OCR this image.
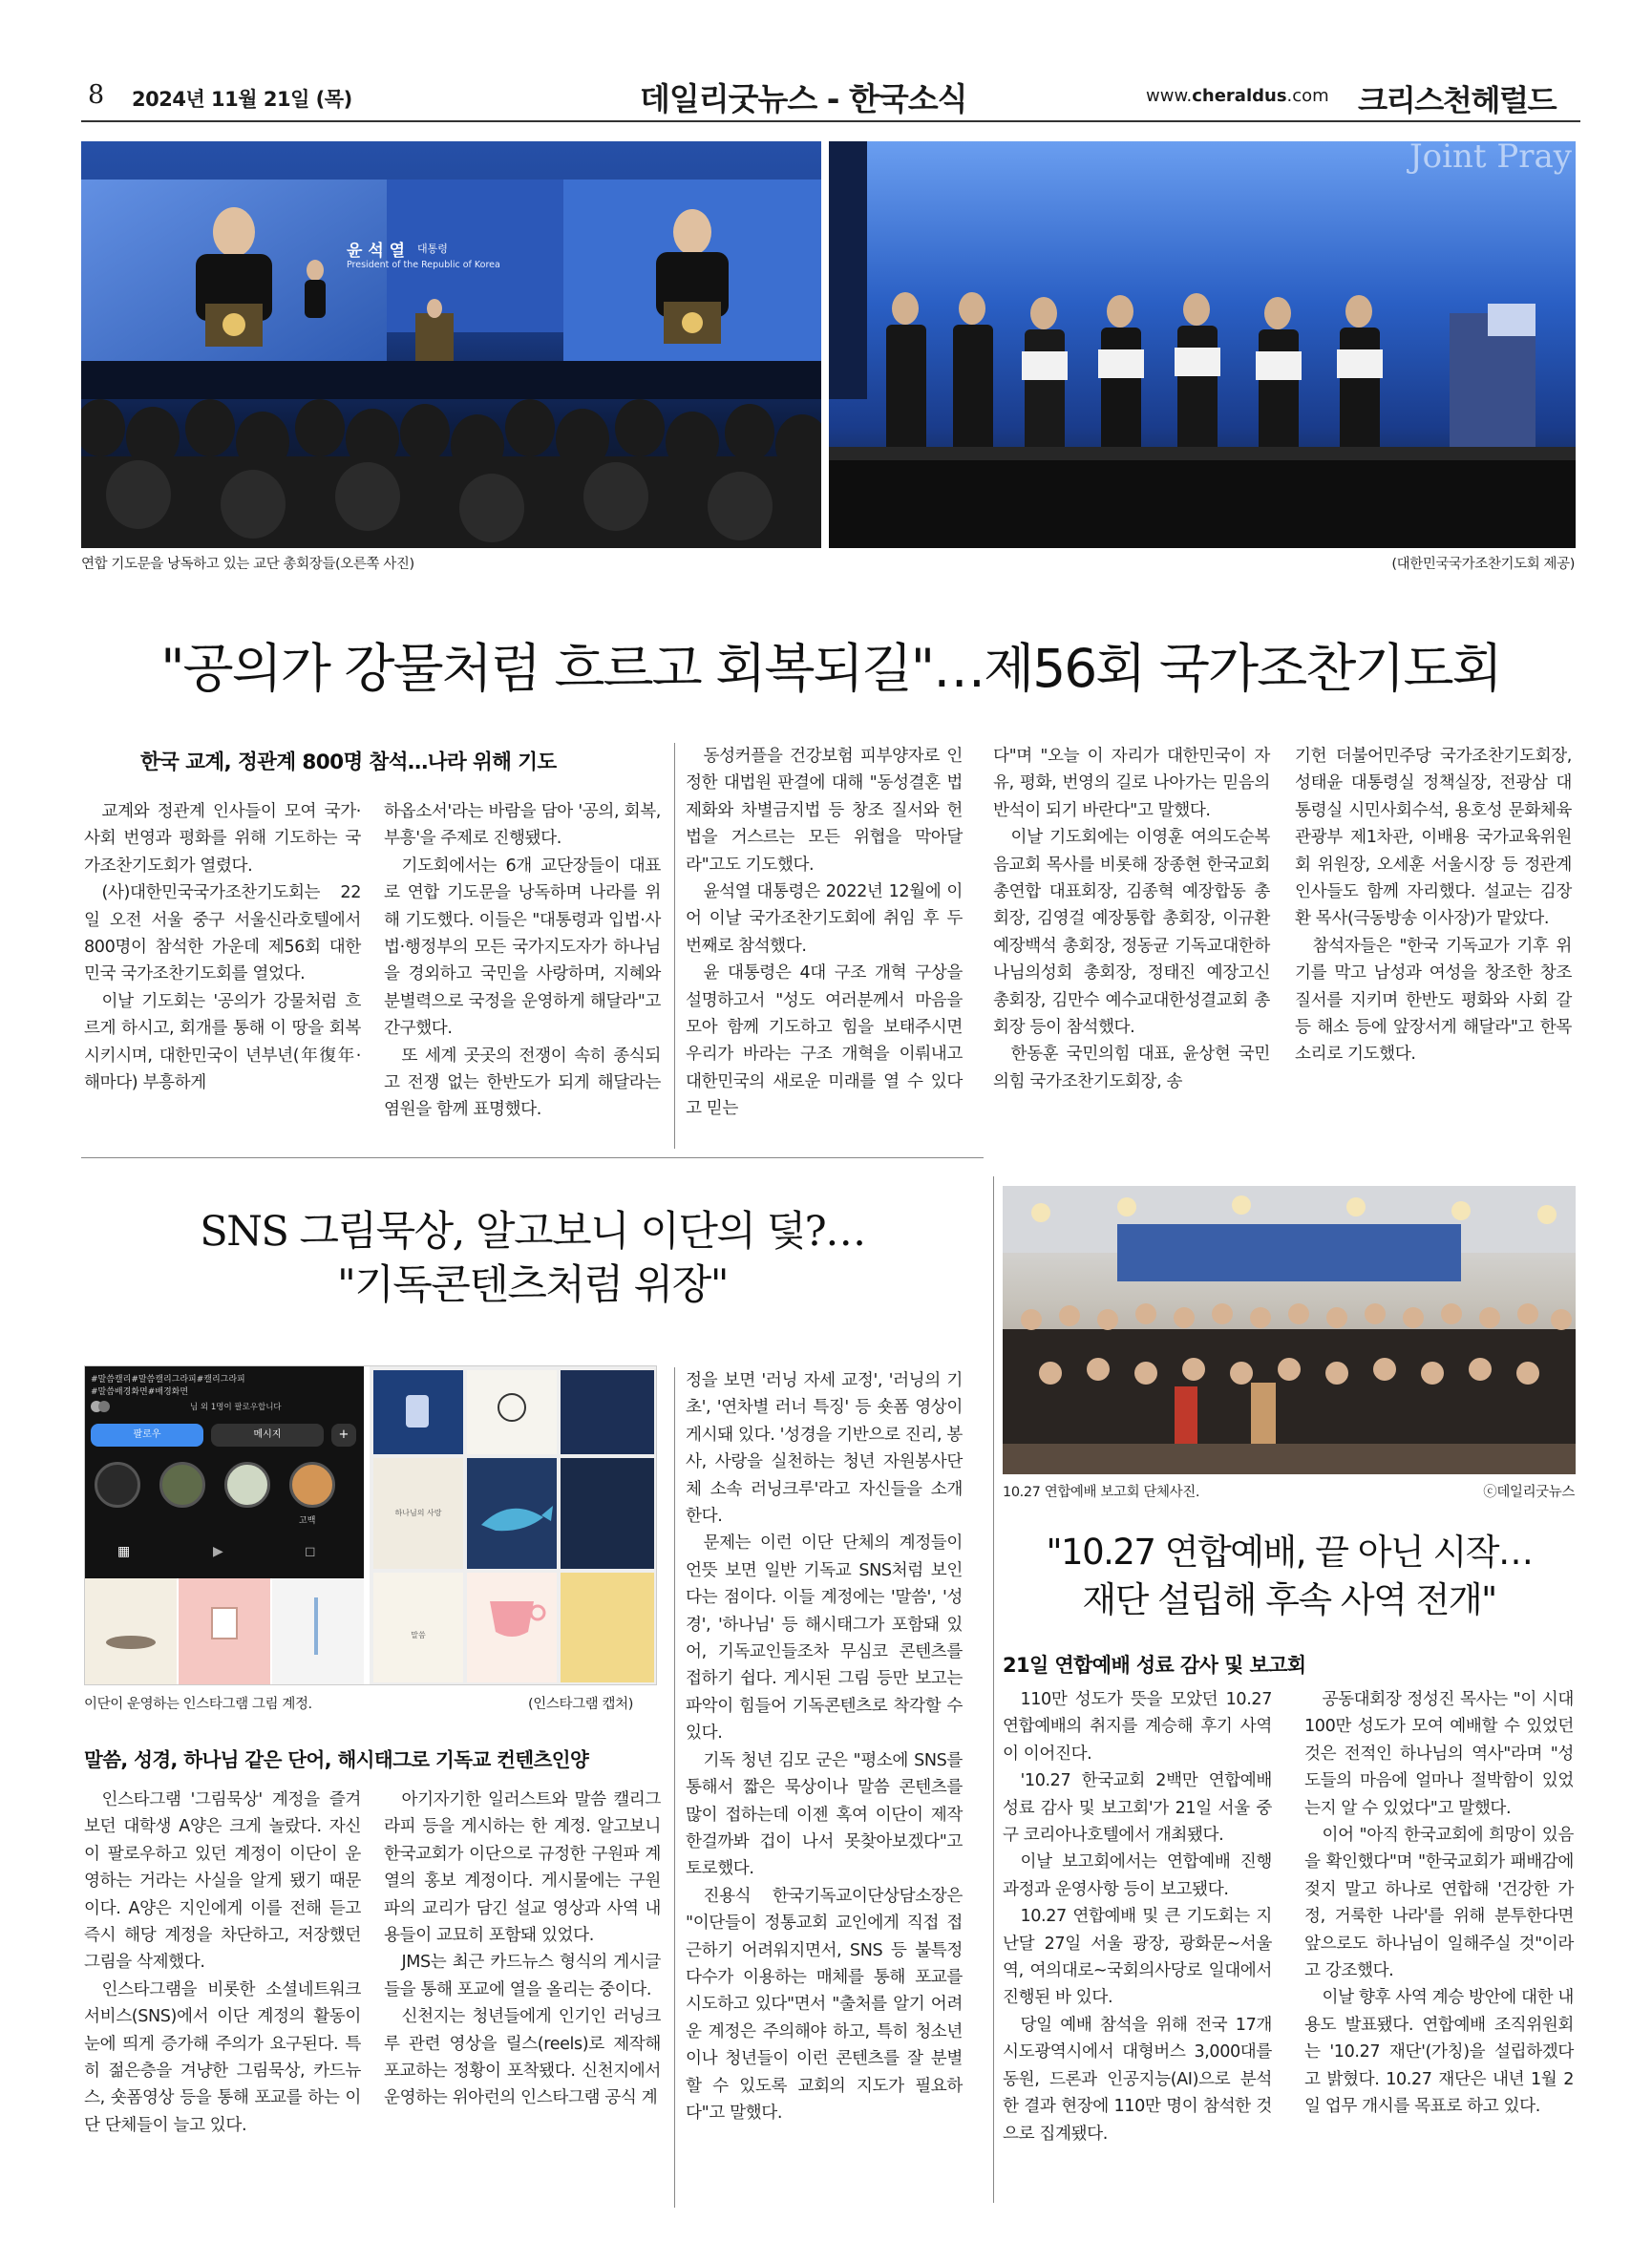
8 2024년 11월 21일 (목)	데일리굿뉴스 - 한국소식	www.cheraldus.com 크리스천헤럴드
윤 석 열 대통령
President of the Republic of Korea
Joint Pray
연합 기도문을 낭독하고 있는 교단 총회장들(오른쪽 사진)	(대한민국국가조찬기도회 제공)
"공의가 강물처럼 흐르고 회복되길"…제56회 국가조찬기도회
한국 교계, 정관계 800명 참석…나라 위해 기도

교계와 정관계 인사들이 모여 국가·사회 번영과 평화를 위해 기도하는 국가조찬기도회가 열렸다.

(사)대한민국국가조찬기도회는 22일 오전 서울 중구 서울신라호텔에서 800명이 참석한 가운데 제56회 대한민국 국가조찬기도회를 열었다.

이날 기도회는 '공의가 강물처럼 흐르게 하시고, 회개를 통해 이 땅을 회복시키시며, 대한민국이 년부년(年復年·해마다) 부흥하게

하옵소서'라는 바람을 담아 '공의, 회복, 부흥'을 주제로 진행됐다.

기도회에서는 6개 교단장들이 대표로 연합 기도문을 낭독하며 나라를 위해 기도했다. 이들은 "대통령과 입법·사법·행정부의 모든 국가지도자가 하나님을 경외하고 국민을 사랑하며, 지혜와 분별력으로 국정을 운영하게 해달라"고 간구했다.

또 세계 곳곳의 전쟁이 속히 종식되고 전쟁 없는 한반도가 되게 해달라는 염원을 함께 표명했다.

동성커플을 건강보험 피부양자로 인정한 대법원 판결에 대해 "동성결혼 법제화와 차별금지법 등 창조 질서와 헌법을 거스르는 모든 위협을 막아달라"고도 기도했다.

윤석열 대통령은 2022년 12월에 이어 이날 국가조찬기도회에 취임 후 두 번째로 참석했다.

윤 대통령은 4대 구조 개혁 구상을 설명하고서 "성도 여러분께서 마음을 모아 함께 기도하고 힘을 보태주시면 우리가 바라는 구조 개혁을 이뤄내고 대한민국의 새로운 미래를 열 수 있다고 믿는

다"며 "오늘 이 자리가 대한민국이 자유, 평화, 번영의 길로 나아가는 믿음의 반석이 되기 바란다"고 말했다.

이날 기도회에는 이영훈 여의도순복음교회 목사를 비롯해 장종현 한국교회총연합 대표회장, 김종혁 예장합동 총회장, 김영걸 예장통합 총회장, 이규환 예장백석 총회장, 정동균 기독교대한하나님의성회 총회장, 정태진 예장고신 총회장, 김만수 예수교대한성결교회 총회장 등이 참석했다.

한동훈 국민의힘 대표, 윤상현 국민의힘 국가조찬기도회장, 송

기헌 더불어민주당 국가조찬기도회장, 성태윤 대통령실 정책실장, 전광삼 대통령실 시민사회수석, 용호성 문화체육관광부 제1차관, 이배용 국가교육위원회 위원장, 오세훈 서울시장 등 정관계 인사들도 함께 자리했다. 설교는 김장환 목사(극동방송 이사장)가 맡았다.

참석자들은 "한국 기독교가 기후 위기를 막고 남성과 여성을 창조한 창조 질서를 지키며 한반도 평화와 사회 갈등 해소 등에 앞장서게 해달라"고 한목소리로 기도했다.

SNS 그림묵상, 알고보니 이단의 덫?…
"기독콘텐츠처럼 위장"
#말씀캘리#말씀캘리그라피#캘리그라피
#말씀배경화면#배경화면
님 외 1명이 팔로우합니다
팔로우	메시지	+
고백
▦	▶	◻
하나님의 사랑
말씀
이단이 운영하는 인스타그램 그림 계정.	(인스타그램 캡처)
말씀, 성경, 하나님 같은 단어, 해시태그로 기독교 컨텐츠인양

인스타그램 '그림묵상' 계정을 즐겨보던 대학생 A양은 크게 놀랐다. 자신이 팔로우하고 있던 계정이 이단이 운영하는 거라는 사실을 알게 됐기 때문이다. A양은 지인에게 이를 전해 듣고 즉시 해당 계정을 차단하고, 저장했던 그림을 삭제했다.

인스타그램을 비롯한 소셜네트워크서비스(SNS)에서 이단 계정의 활동이 눈에 띄게 증가해 주의가 요구된다. 특히 젊은층을 겨냥한 그림묵상, 카드뉴스, 숏폼영상 등을 통해 포교를 하는 이단 단체들이 늘고 있다.

아기자기한 일러스트와 말씀 캘리그라피 등을 게시하는 한 계정. 알고보니 한국교회가 이단으로 규정한 구원파 계열의 홍보 계정이다. 게시물에는 구원파의 교리가 담긴 설교 영상과 사역 내용들이 교묘히 포함돼 있었다.

JMS는 최근 카드뉴스 형식의 게시글들을 통해 포교에 열을 올리는 중이다.

신천지는 청년들에게 인기인 러닝크루 관련 영상을 릴스(reels)로 제작해 포교하는 정황이 포착됐다. 신천지에서 운영하는 위아런의 인스타그램 공식 계

정을 보면 '러닝 자세 교정', '러닝의 기초', '연차별 러너 특징' 등 숏폼 영상이 게시돼 있다. '성경을 기반으로 진리, 봉사, 사랑을 실천하는 청년 자원봉사단체 소속 러닝크루'라고 자신들을 소개한다.

문제는 이런 이단 단체의 계정들이 언뜻 보면 일반 기독교 SNS처럼 보인다는 점이다. 이들 계정에는 '말씀', '성경', '하나님' 등 해시태그가 포함돼 있어, 기독교인들조차 무심코 콘텐츠를 접하기 쉽다. 게시된 그림 등만 보고는 파악이 힘들어 기독콘텐츠로 착각할 수 있다.

기독 청년 김모 군은 "평소에 SNS를 통해서 짧은 묵상이나 말씀 콘텐츠를 많이 접하는데 이젠 혹여 이단이 제작한걸까봐 겁이 나서 못찾아보겠다"고 토로했다.

진용식 한국기독교이단상담소장은 "이단들이 정통교회 교인에게 직접 접근하기 어려워지면서, SNS 등 불특정 다수가 이용하는 매체를 통해 포교를 시도하고 있다"면서 "출처를 알기 어려운 계정은 주의해야 하고, 특히 청소년이나 청년들이 이런 콘텐츠를 잘 분별할 수 있도록 교회의 지도가 필요하다"고 말했다.

10.27 연합예배 보고회 단체사진.	ⓒ데일리굿뉴스
"10.27 연합예배, 끝 아닌 시작…
재단 설립해 후속 사역 전개"
21일 연합예배 성료 감사 및 보고회

110만 성도가 뜻을 모았던 10.27 연합예배의 취지를 계승해 후기 사역이 이어진다.

'10.27 한국교회 2백만 연합예배 성료 감사 및 보고회'가 21일 서울 중구 코리아나호텔에서 개최됐다.

이날 보고회에서는 연합예배 진행과정과 운영사항 등이 보고됐다.

10.27 연합예배 및 큰 기도회는 지난달 27일 서울 광장, 광화문~서울역, 여의대로~국회의사당로 일대에서 진행된 바 있다.

당일 예배 참석을 위해 전국 17개 시도광역시에서 대형버스 3,000대를 동원, 드론과 인공지능(AI)으로 분석한 결과 현장에 110만 명이 참석한 것으로 집계됐다.

공동대회장 정성진 목사는 "이 시대 100만 성도가 모여 예배할 수 있었던 것은 전적인 하나님의 역사"라며 "성도들의 마음에 얼마나 절박함이 있었는지 알 수 있었다"고 말했다.

이어 "아직 한국교회에 희망이 있음을 확인했다"며 "한국교회가 패배감에 젖지 말고 하나로 연합해 '건강한 가정, 거룩한 나라'를 위해 분투한다면 앞으로도 하나님이 일해주실 것"이라고 강조했다.

이날 향후 사역 계승 방안에 대한 내용도 발표됐다. 연합예배 조직위원회는 '10.27 재단'(가칭)을 설립하겠다고 밝혔다. 10.27 재단은 내년 1월 2일 업무 개시를 목표로 하고 있다.
